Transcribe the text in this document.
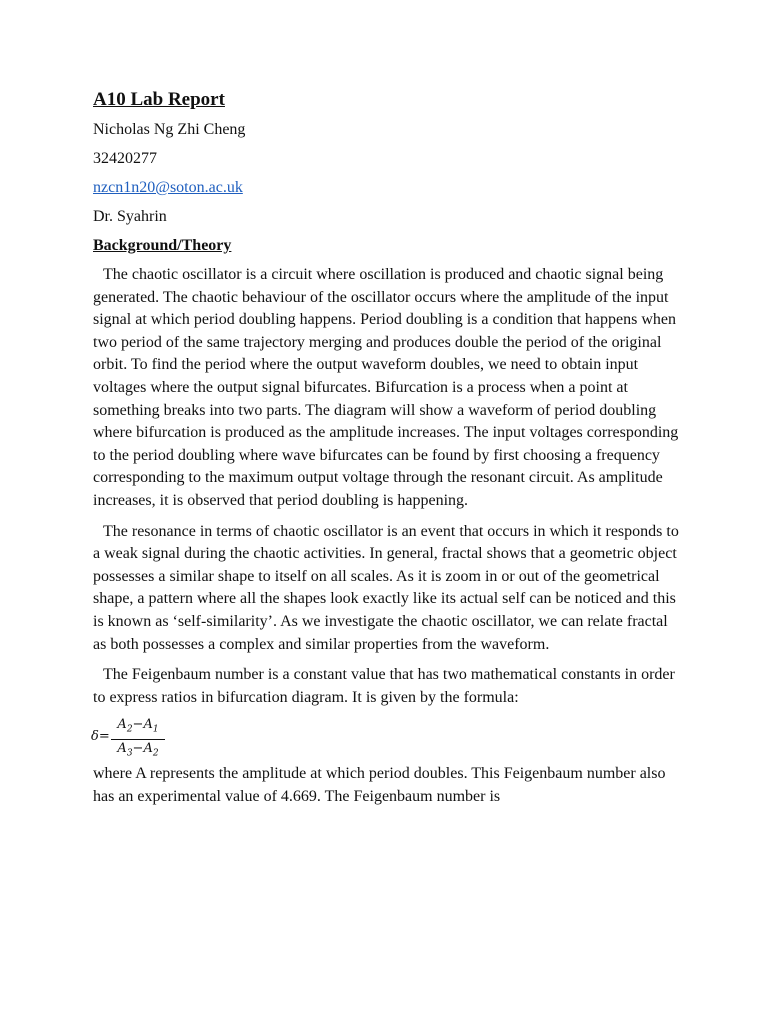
A10 Lab Report
Nicholas Ng Zhi Cheng
32420277
nzcn1n20@soton.ac.uk
Dr. Syahrin
Background/Theory

The chaotic oscillator is a circuit where oscillation is produced and chaotic signal being generated. The chaotic behaviour of the oscillator occurs where the amplitude of the input signal at which period doubling happens. Period doubling is a condition that happens when two period of the same trajectory merging and produces double the period of the original orbit. To find the period where the output waveform doubles, we need to obtain input voltages where the output signal bifurcates. Bifurcation is a process when a point at something breaks into two parts. The diagram will show a waveform of period doubling where bifurcation is produced as the amplitude increases. The input voltages corresponding to the period doubling where wave bifurcates can be found by first choosing a frequency corresponding to the maximum output voltage through the resonant circuit. As amplitude increases, it is observed that period doubling is happening.

The resonance in terms of chaotic oscillator is an event that occurs in which it responds to a weak signal during the chaotic activities. In general, fractal shows that a geometric object possesses a similar shape to itself on all scales. As it is zoom in or out of the geometrical shape, a pattern where all the shapes look exactly like its actual self can be noticed and this is known as ‘self-similarity’. As we investigate the chaotic oscillator, we can relate fractal as both possesses a complex and similar properties from the waveform.

The Feigenbaum number is a constant value that has two mathematical constants in order to express ratios in bifurcation diagram. It is given by the formula:

$\delta= \frac{A_2-A_1}{A_3-A_2}$

where A represents the amplitude at which period doubles. This Feigenbaum number also has an experimental value of 4.669. The Feigenbaum number is
